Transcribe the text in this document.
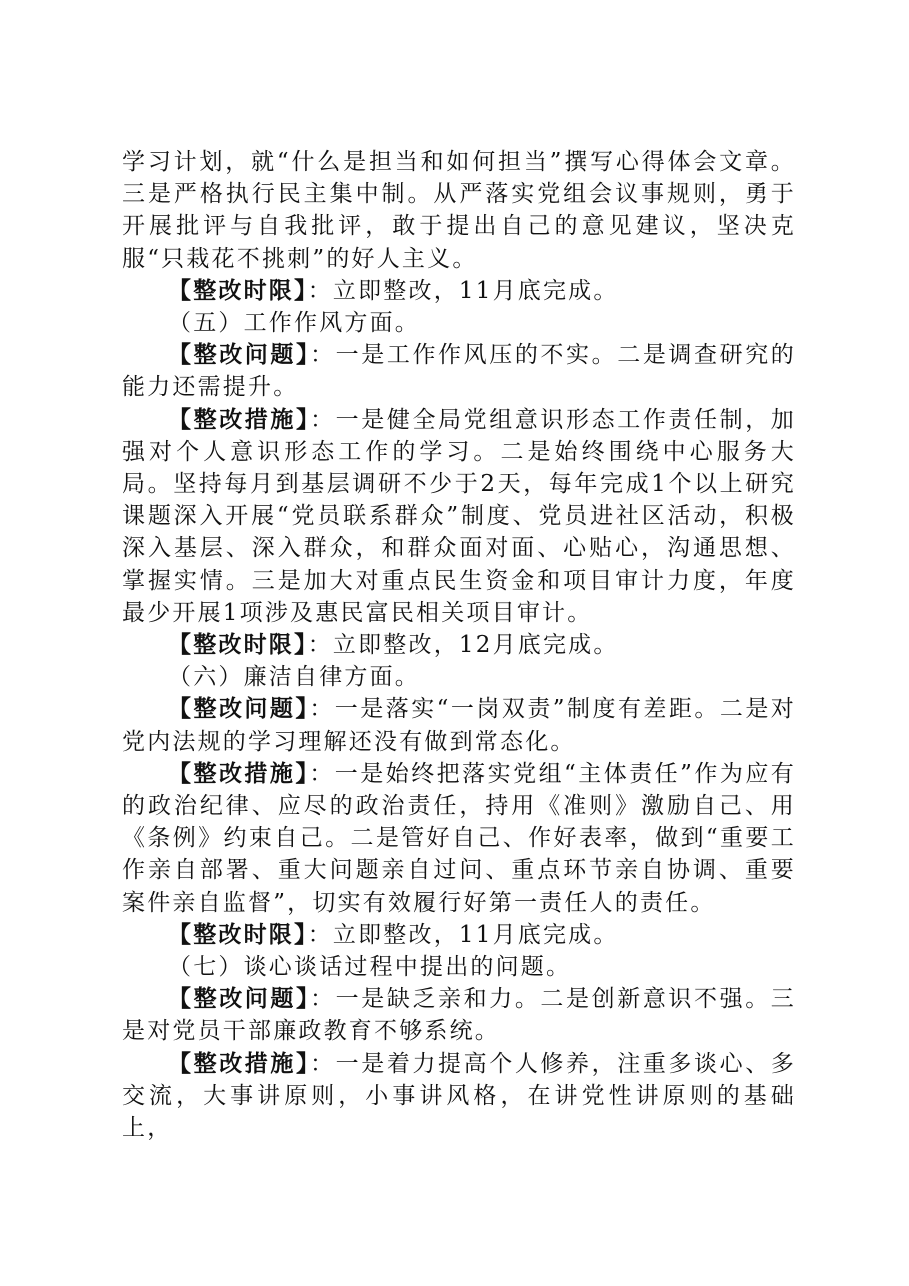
学习计划，就“什么是担当和如何担当”撰写心得体会文章。三是严格执行民主集中制。从严落实党组会议事规则，勇于开展批评与自我批评，敢于提出自己的意见建议，坚决克服“只栽花不挑刺”的好人主义。

【整改时限】：立即整改，11月底完成。

（五）工作作风方面。

【整改问题】：一是工作作风压的不实。二是调查研究的能力还需提升。

【整改措施】：一是健全局党组意识形态工作责任制，加强对个人意识形态工作的学习。二是始终围绕中心服务大局。坚持每月到基层调研不少于2天，每年完成1个以上研究课题深入开展“党员联系群众”制度、党员进社区活动，积极深入基层、深入群众，和群众面对面、心贴心，沟通思想、掌握实情。三是加大对重点民生资金和项目审计力度，年度最少开展1项涉及惠民富民相关项目审计。

【整改时限】：立即整改，12月底完成。

（六）廉洁自律方面。

【整改问题】：一是落实“一岗双责”制度有差距。二是对党内法规的学习理解还没有做到常态化。

【整改措施】：一是始终把落实党组“主体责任”作为应有的政治纪律、应尽的政治责任，持用《准则》激励自己、用《条例》约束自己。二是管好自己、作好表率，做到“重要工作亲自部署、重大问题亲自过问、重点环节亲自协调、重要案件亲自监督”，切实有效履行好第一责任人的责任。

【整改时限】：立即整改，11月底完成。

（七）谈心谈话过程中提出的问题。

【整改问题】：一是缺乏亲和力。二是创新意识不强。三是对党员干部廉政教育不够系统。

【整改措施】：一是着力提高个人修养，注重多谈心、多交流，大事讲原则，小事讲风格，在讲党性讲原则的基础上，
